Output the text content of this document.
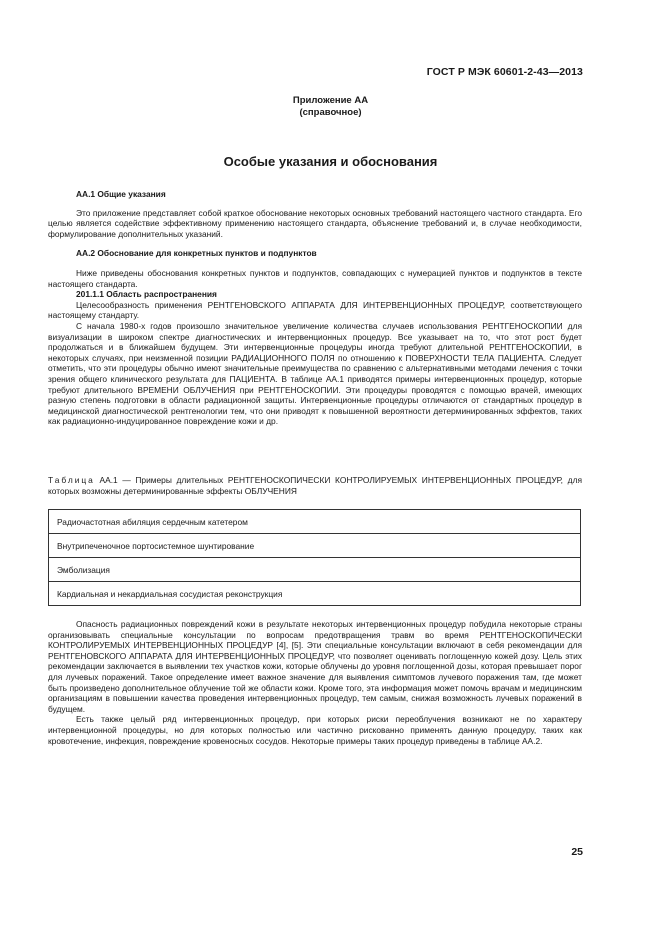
ГОСТ Р МЭК 60601-2-43—2013
Приложение АА
(справочное)
Особые указания и обоснования
АА.1 Общие указания
Это приложение представляет собой краткое обоснование некоторых основных требований настоящего частного стандарта. Его целью является содействие эффективному применению настоящего стандарта, объяснение требований и, в случае необходимости, формулирование дополнительных указаний.
АА.2 Обоснование для конкретных пунктов и подпунктов
Ниже приведены обоснования конкретных пунктов и подпунктов, совпадающих с нумерацией пунктов и подпунктов в тексте настоящего стандарта.
201.1.1 Область распространения
Целесообразность применения РЕНТГЕНОВСКОГО АППАРАТА ДЛЯ ИНТЕРВЕНЦИОННЫХ ПРОЦЕДУР, соответствующего настоящему стандарту.
С начала 1980-х годов произошло значительное увеличение количества случаев использования РЕНТГЕНОСКОПИИ для визуализации в широком спектре диагностических и интервенционных процедур. Все указывает на то, что этот рост будет продолжаться и в ближайшем будущем. Эти интервенционные процедуры иногда требуют длительной РЕНТГЕНОСКОПИИ, в некоторых случаях, при неизменной позиции РАДИАЦИОННОГО ПОЛЯ по отношению к ПОВЕРХНОСТИ ТЕЛА ПАЦИЕНТА. Следует отметить, что эти процедуры обычно имеют значительные преимущества по сравнению с альтернативными методами лечения с точки зрения общего клинического результата для ПАЦИЕНТА. В таблице АА.1 приводятся примеры интервенционных процедур, которые требуют длительного ВРЕМЕНИ ОБЛУЧЕНИЯ при РЕНТГЕНОСКОПИИ. Эти процедуры проводятся с помощью врачей, имеющих разную степень подготовки в области радиационной защиты. Интервенционные процедуры отличаются от стандартных процедур в медицинской диагностической рентгенологии тем, что они приводят к повышенной вероятности детерминированных эффектов, таких как радиационно-индуцированное повреждение кожи и др.
Таблица АА.1 — Примеры длительных РЕНТГЕНОСКОПИЧЕСКИ КОНТРОЛИРУЕМЫХ ИНТЕРВЕНЦИОННЫХ ПРОЦЕДУР, для которых возможны детерминированные эффекты ОБЛУЧЕНИЯ
Радиочастотная абиляция сердечным катетером
Внутрипеченочное портосистемное шунтирование
Эмболизация
Кардиальная и некардиальная сосудистая реконструкция
Опасность радиационных повреждений кожи в результате некоторых интервенционных процедур побудила некоторые страны организовывать специальные консультации по вопросам предотвращения травм во время РЕНТГЕНОСКОПИЧЕСКИ КОНТРОЛИРУЕМЫХ ИНТЕРВЕНЦИОННЫХ ПРОЦЕДУР [4], [5]. Эти специальные консультации включают в себя рекомендации для РЕНТГЕНОВСКОГО АППАРАТА ДЛЯ ИНТЕРВЕНЦИОННЫХ ПРОЦЕДУР, что позволяет оценивать поглощенную кожей дозу. Цель этих рекомендации заключается в выявлении тех участков кожи, которые облучены до уровня поглощенной дозы, которая превышает порог для лучевых поражений. Такое определение имеет важное значение для выявления симптомов лучевого поражения там, где может быть произведено дополнительное облучение той же области кожи. Кроме того, эта информация может помочь врачам и медицинским организациям в повышении качества проведения интервенционных процедур, тем самым, снижая возможность лучевых поражений в будущем.
Есть также целый ряд интервенционных процедур, при которых риски переоблучения возникают не по характеру интервенционной процедуры, но для которых полностью или частично рискованно применять данную процедуру, таких как кровотечение, инфекция, повреждение кровеносных сосудов. Некоторые примеры таких процедур приведены в таблице АА.2.
25
